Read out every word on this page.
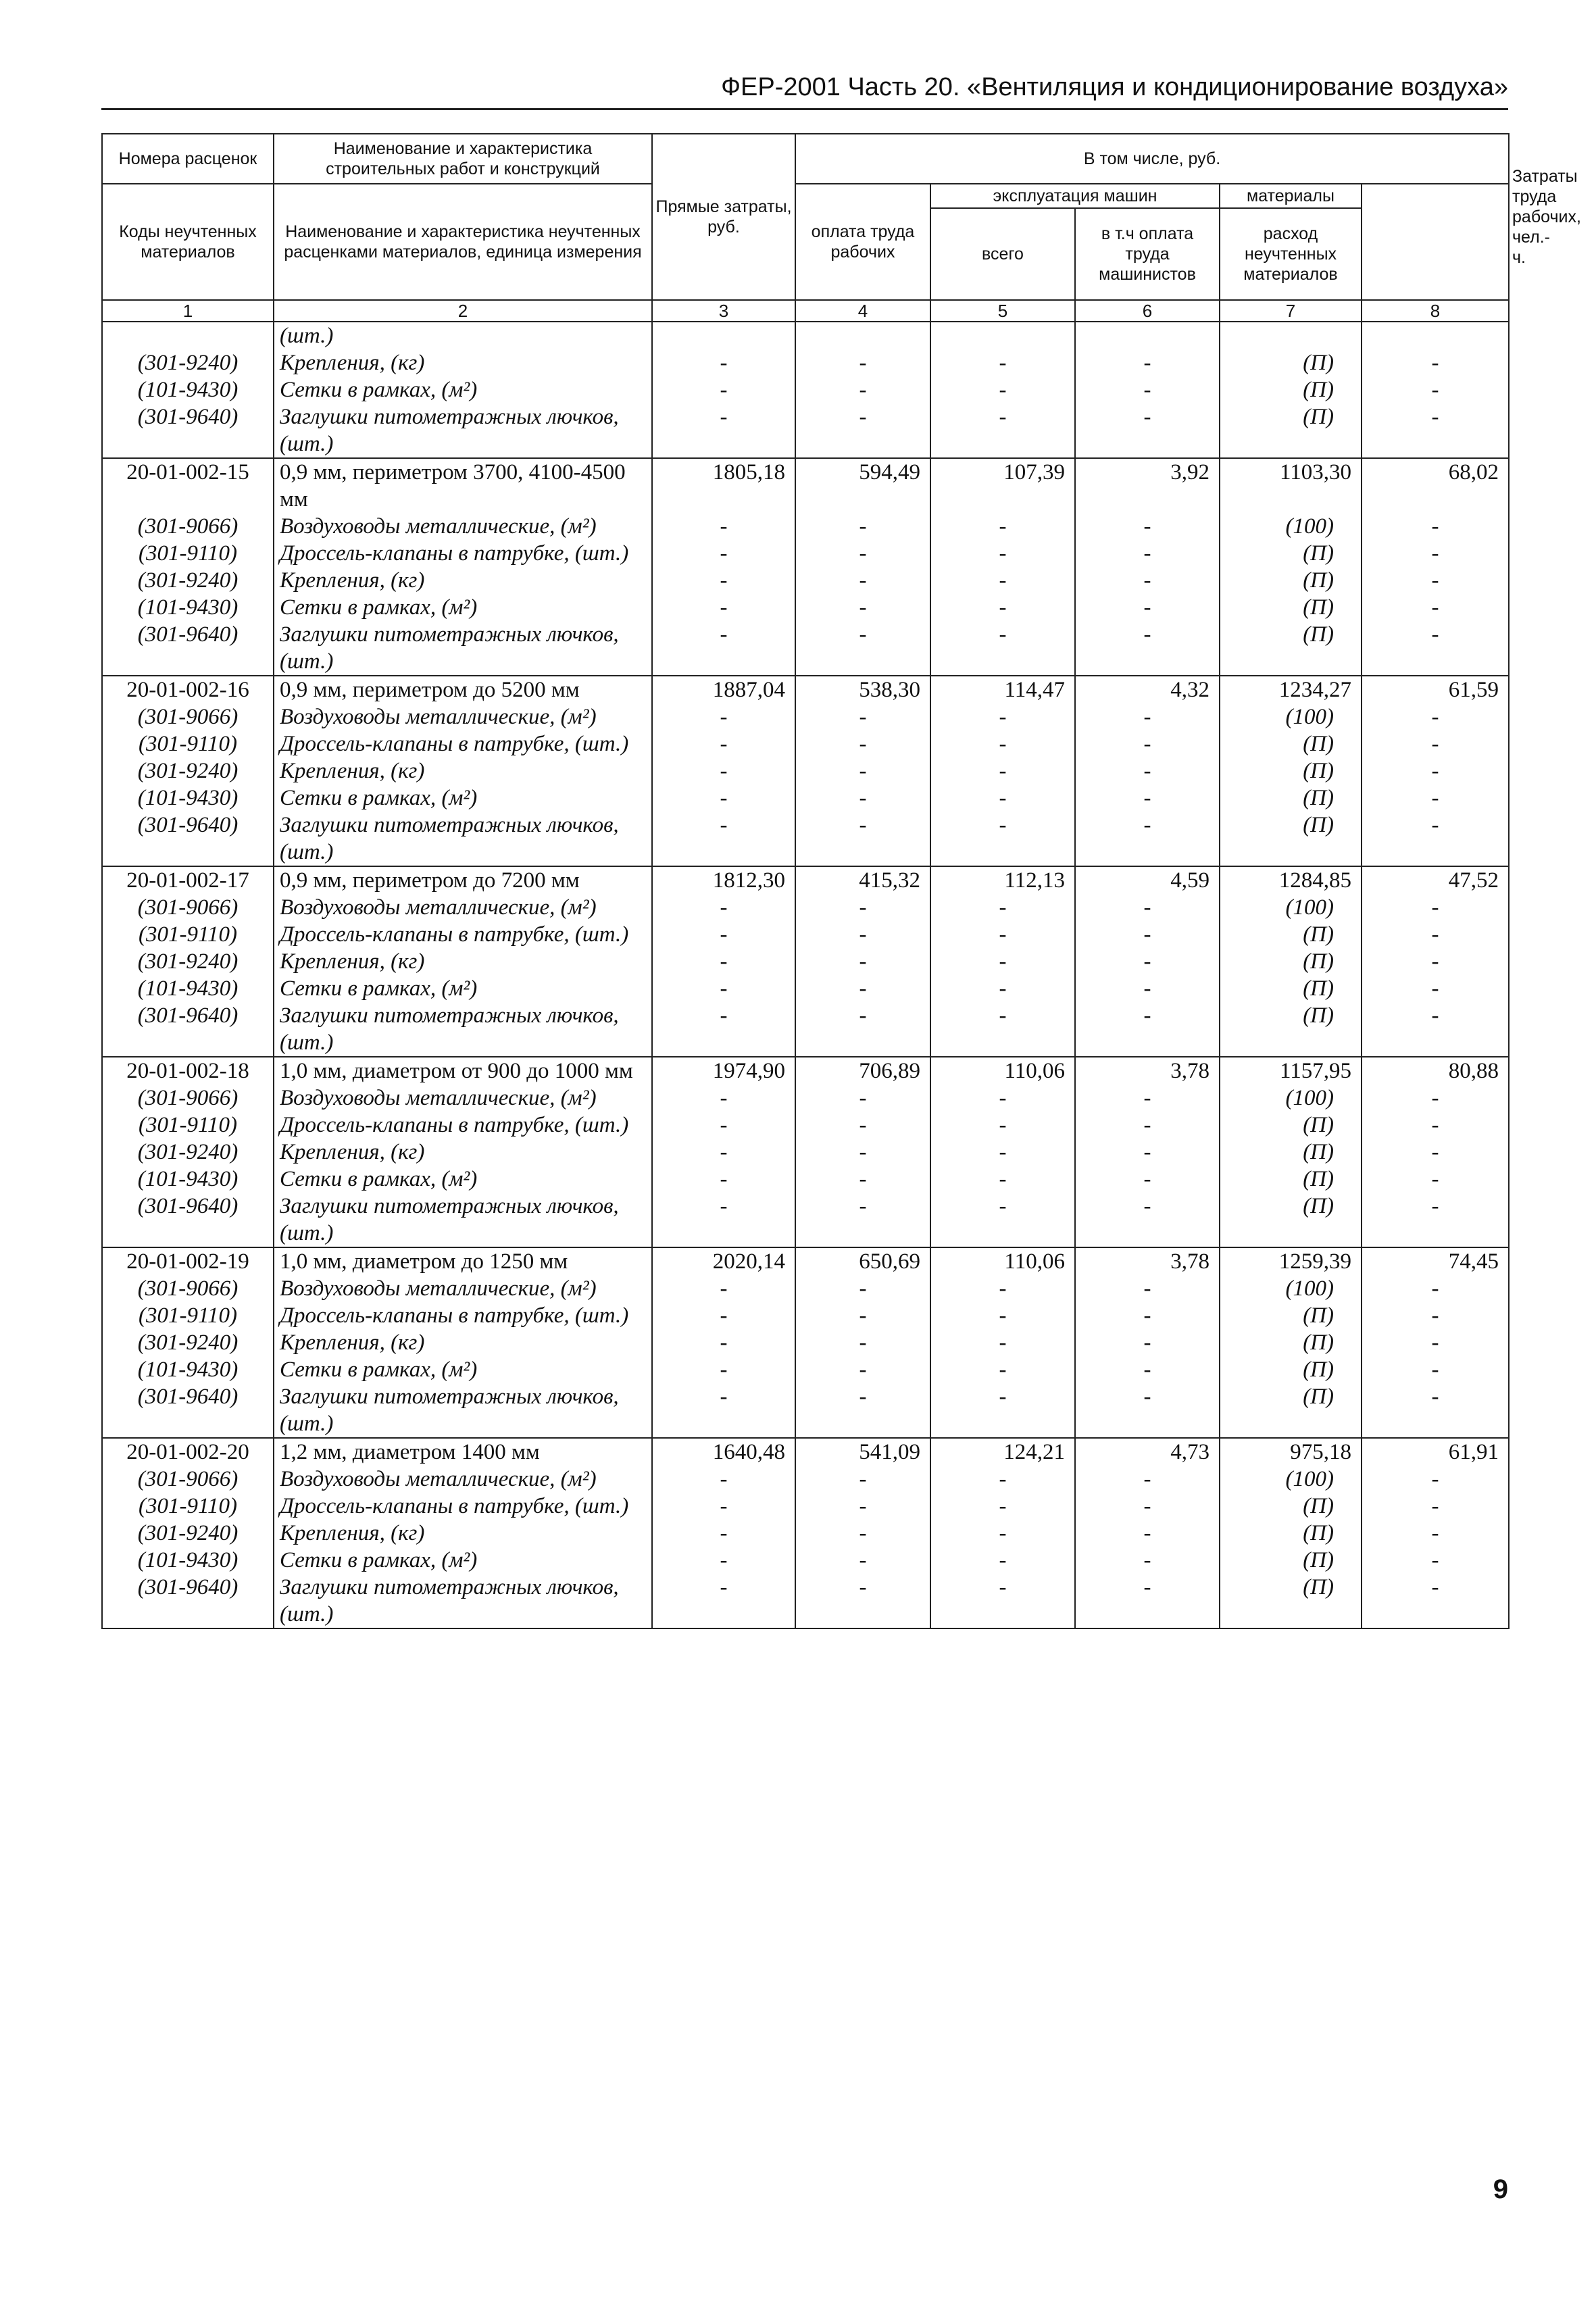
ФЕР-2001 Часть 20. «Вентиляция и кондиционирование воздуха»
Номера расценок	Наименование и характеристика строительных работ и конструкций	Прямые затраты, руб.	В том числе, руб.					Затраты труда рабочих, чел.-ч.
Коды неучтенных материалов	Наименование и характеристика неучтенных расценками материалов, единица измерения		оплата труда рабочих	эксплуатация машин		материалы		
				всего	в т.ч оплата труда машинистов	расход неучтенных материалов		

1	2	3	4	5	6	7	8	
	(шт.)							
(301-9240)	Крепления, (кг)	-	-	-	-	(П)	-	
(101-9430)	Сетки в рамках, (м²)	-	-	-	-	(П)	-	
(301-9640)	Заглушки питометражных лючков, (шт.)	-	-	-	-	(П)	-	
20-01-002-15	0,9 мм, периметром 3700, 4100-4500 мм	1805,18	594,49	107,39	3,92	1103,30	68,02	
(301-9066)	Воздуховоды металлические, (м²)	-	-	-	-	(100)	-	
(301-9110)	Дроссель-клапаны в патрубке, (шт.)	-	-	-	-	(П)	-	
(301-9240)	Крепления, (кг)	-	-	-	-	(П)	-	
(101-9430)	Сетки в рамках, (м²)	-	-	-	-	(П)	-	
(301-9640)	Заглушки питометражных лючков, (шт.)	-	-	-	-	(П)	-	
20-01-002-16	0,9 мм, периметром до 5200 мм	1887,04	538,30	114,47	4,32	1234,27	61,59	
(301-9066)	Воздуховоды металлические, (м²)	-	-	-	-	(100)	-	
(301-9110)	Дроссель-клапаны в патрубке, (шт.)	-	-	-	-	(П)	-	
(301-9240)	Крепления, (кг)	-	-	-	-	(П)	-	
(101-9430)	Сетки в рамках, (м²)	-	-	-	-	(П)	-	
(301-9640)	Заглушки питометражных лючков, (шт.)	-	-	-	-	(П)	-	
20-01-002-17	0,9 мм, периметром до 7200 мм	1812,30	415,32	112,13	4,59	1284,85	47,52	
(301-9066)	Воздуховоды металлические, (м²)	-	-	-	-	(100)	-	
(301-9110)	Дроссель-клапаны в патрубке, (шт.)	-	-	-	-	(П)	-	
(301-9240)	Крепления, (кг)	-	-	-	-	(П)	-	
(101-9430)	Сетки в рамках, (м²)	-	-	-	-	(П)	-	
(301-9640)	Заглушки питометражных лючков, (шт.)	-	-	-	-	(П)	-	
20-01-002-18	1,0 мм, диаметром от 900 до 1000 мм	1974,90	706,89	110,06	3,78	1157,95	80,88	
(301-9066)	Воздуховоды металлические, (м²)	-	-	-	-	(100)	-	
(301-9110)	Дроссель-клапаны в патрубке, (шт.)	-	-	-	-	(П)	-	
(301-9240)	Крепления, (кг)	-	-	-	-	(П)	-	
(101-9430)	Сетки в рамках, (м²)	-	-	-	-	(П)	-	
(301-9640)	Заглушки питометражных лючков, (шт.)	-	-	-	-	(П)	-	
20-01-002-19	1,0 мм, диаметром до 1250 мм	2020,14	650,69	110,06	3,78	1259,39	74,45	
(301-9066)	Воздуховоды металлические, (м²)	-	-	-	-	(100)	-	
(301-9110)	Дроссель-клапаны в патрубке, (шт.)	-	-	-	-	(П)	-	
(301-9240)	Крепления, (кг)	-	-	-	-	(П)	-	
(101-9430)	Сетки в рамках, (м²)	-	-	-	-	(П)	-	
(301-9640)	Заглушки питометражных лючков, (шт.)	-	-	-	-	(П)	-	
20-01-002-20	1,2 мм, диаметром 1400 мм	1640,48	541,09	124,21	4,73	975,18	61,91	
(301-9066)	Воздуховоды металлические, (м²)	-	-	-	-	(100)	-	
(301-9110)	Дроссель-клапаны в патрубке, (шт.)	-	-	-	-	(П)	-	
(301-9240)	Крепления, (кг)	-	-	-	-	(П)	-	
(101-9430)	Сетки в рамках, (м²)	-	-	-	-	(П)	-	
(301-9640)	Заглушки питометражных лючков, (шт.)	-	-	-	-	(П)	-	
9
